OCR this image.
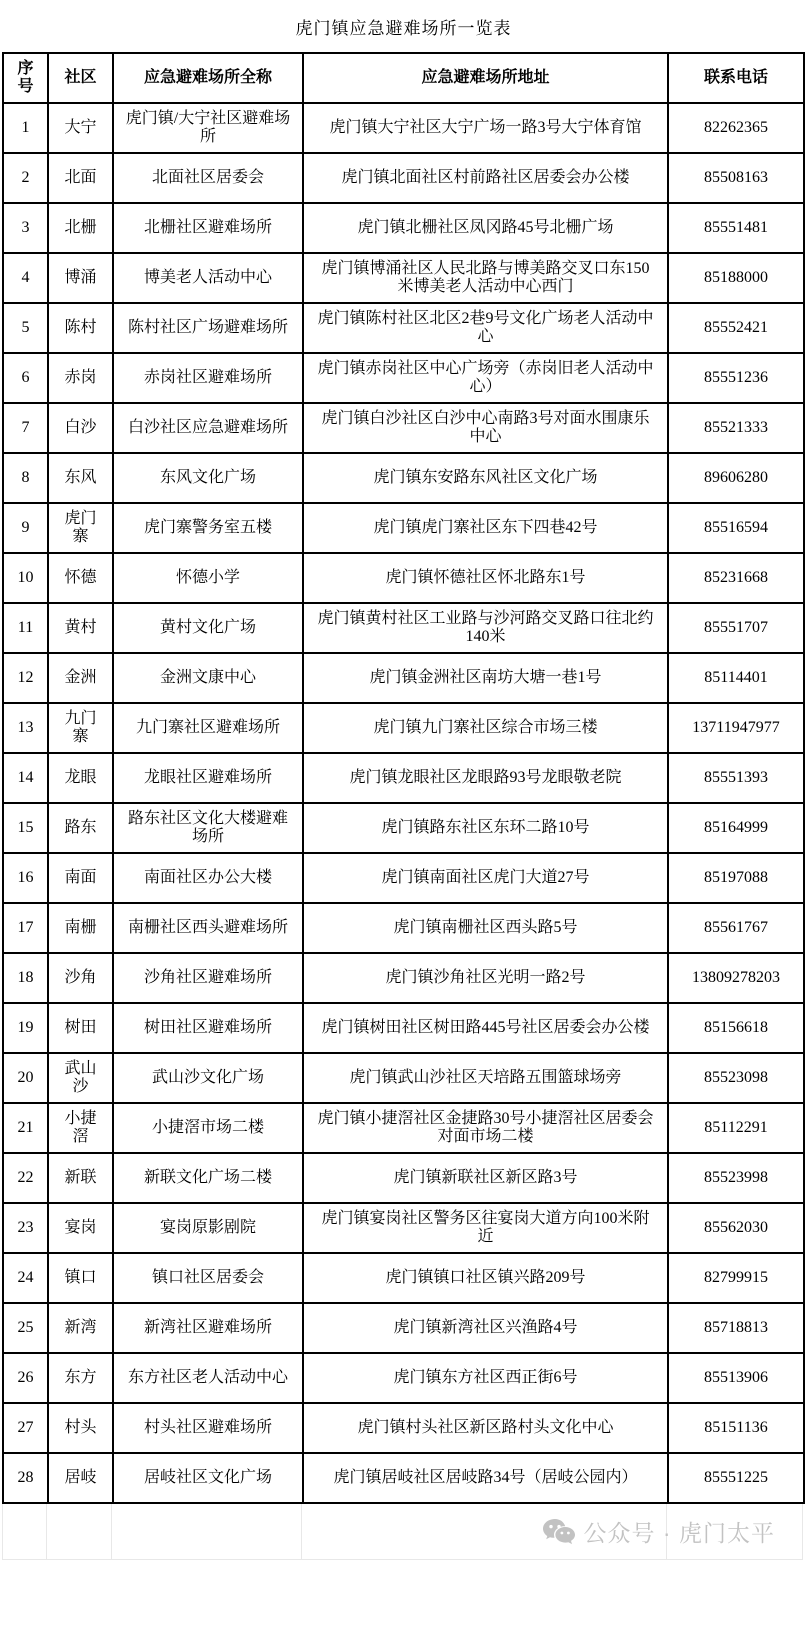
虎门镇应急避难场所一览表
序号	社区	应急避难场所全称	应急避难场所地址	联系电话
1	大宁	虎门镇/大宁社区避难场所	虎门镇大宁社区大宁广场一路3号大宁体育馆	82262365
2	北面	北面社区居委会	虎门镇北面社区村前路社区居委会办公楼	85508163
3	北栅	北栅社区避难场所	虎门镇北栅社区凤冈路45号北栅广场	85551481
4	博涌	博美老人活动中心	虎门镇博涌社区人民北路与博美路交叉口东150米博美老人活动中心西门	85188000
5	陈村	陈村社区广场避难场所	虎门镇陈村社区北区2巷9号文化广场老人活动中心	85552421
6	赤岗	赤岗社区避难场所	虎门镇赤岗社区中心广场旁（赤岗旧老人活动中心）	85551236
7	白沙	白沙社区应急避难场所	虎门镇白沙社区白沙中心南路3号对面水围康乐中心	85521333
8	东风	东风文化广场	虎门镇东安路东风社区文化广场	89606280
9	虎门寨	虎门寨警务室五楼	虎门镇虎门寨社区东下四巷42号	85516594
10	怀德	怀德小学	虎门镇怀德社区怀北路东1号	85231668
11	黄村	黄村文化广场	虎门镇黄村社区工业路与沙河路交叉路口往北约140米	85551707
12	金洲	金洲文康中心	虎门镇金洲社区南坊大塘一巷1号	85114401
13	九门寨	九门寨社区避难场所	虎门镇九门寨社区综合市场三楼	13711947977
14	龙眼	龙眼社区避难场所	虎门镇龙眼社区龙眼路93号龙眼敬老院	85551393
15	路东	路东社区文化大楼避难场所	虎门镇路东社区东环二路10号	85164999
16	南面	南面社区办公大楼	虎门镇南面社区虎门大道27号	85197088
17	南栅	南栅社区西头避难场所	虎门镇南栅社区西头路5号	85561767
18	沙角	沙角社区避难场所	虎门镇沙角社区光明一路2号	13809278203
19	树田	树田社区避难场所	虎门镇树田社区树田路445号社区居委会办公楼	85156618
20	武山沙	武山沙文化广场	虎门镇武山沙社区天培路五围篮球场旁	85523098
21	小捷滘	小捷滘市场二楼	虎门镇小捷滘社区金捷路30号小捷滘社区居委会对面市场二楼	85112291
22	新联	新联文化广场二楼	虎门镇新联社区新区路3号	85523998
23	宴岗	宴岗原影剧院	虎门镇宴岗社区警务区往宴岗大道方向100米附近	85562030
24	镇口	镇口社区居委会	虎门镇镇口社区镇兴路209号	82799915
25	新湾	新湾社区避难场所	虎门镇新湾社区兴渔路4号	85718813
26	东方	东方社区老人活动中心	虎门镇东方社区西正街6号	85513906
27	村头	村头社区避难场所	虎门镇村头社区新区路村头文化中心	85151136
28	居岐	居岐社区文化广场	虎门镇居岐社区居岐路34号（居岐公园内）	85551225
公众号 · 虎门太平
